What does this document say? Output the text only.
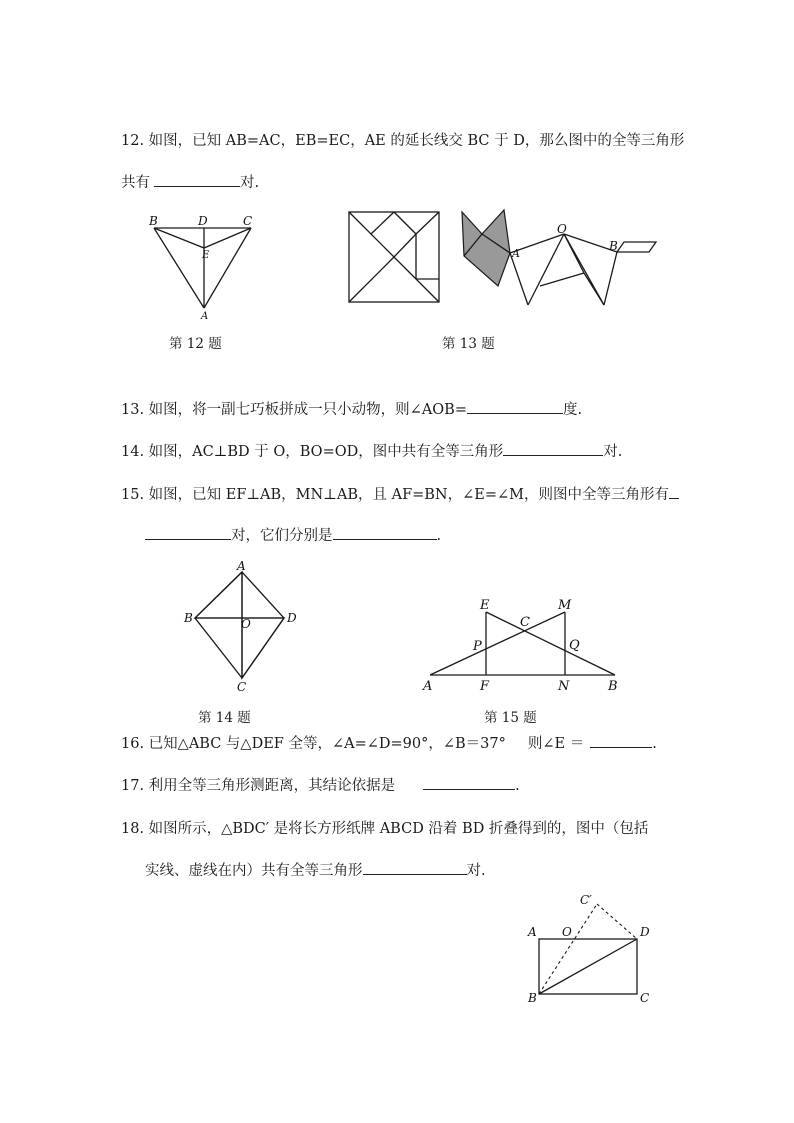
12. 如图，已知 AB=AC，EB=EC，AE 的延长线交 BC 于 D，那么图中的全等三角形
共有	对.
B	D	C
E
A
第 12 题
A
O
B
第 13 题
13. 如图，将一副七巧板拼成一只小动物，则∠AOB=	度.
14. 如图，AC⊥BD 于 O，BO=OD，图中共有全等三角形	对.
15. 如图，已知 EF⊥AB，MN⊥AB，且 AF=BN，∠E=∠M，则图中全等三角形有
对，它们分别是	.
A
B	O	D
C
第 14 题
E
C
M
P	Q
A	F	N	B
第 15 题
16. 已知△ABC 与△DEF 全等，∠A=∠D=90°，∠B＝37° 则∠E ＝	.
17. 利用全等三角形测距离，其结论依据是	.
18. 如图所示，△BDC′ 是将长方形纸牌 ABCD 沿着 BD 折叠得到的，图中（包括
实线、虚线在内）共有全等三角形	对.
C′
A O	D
B	C
